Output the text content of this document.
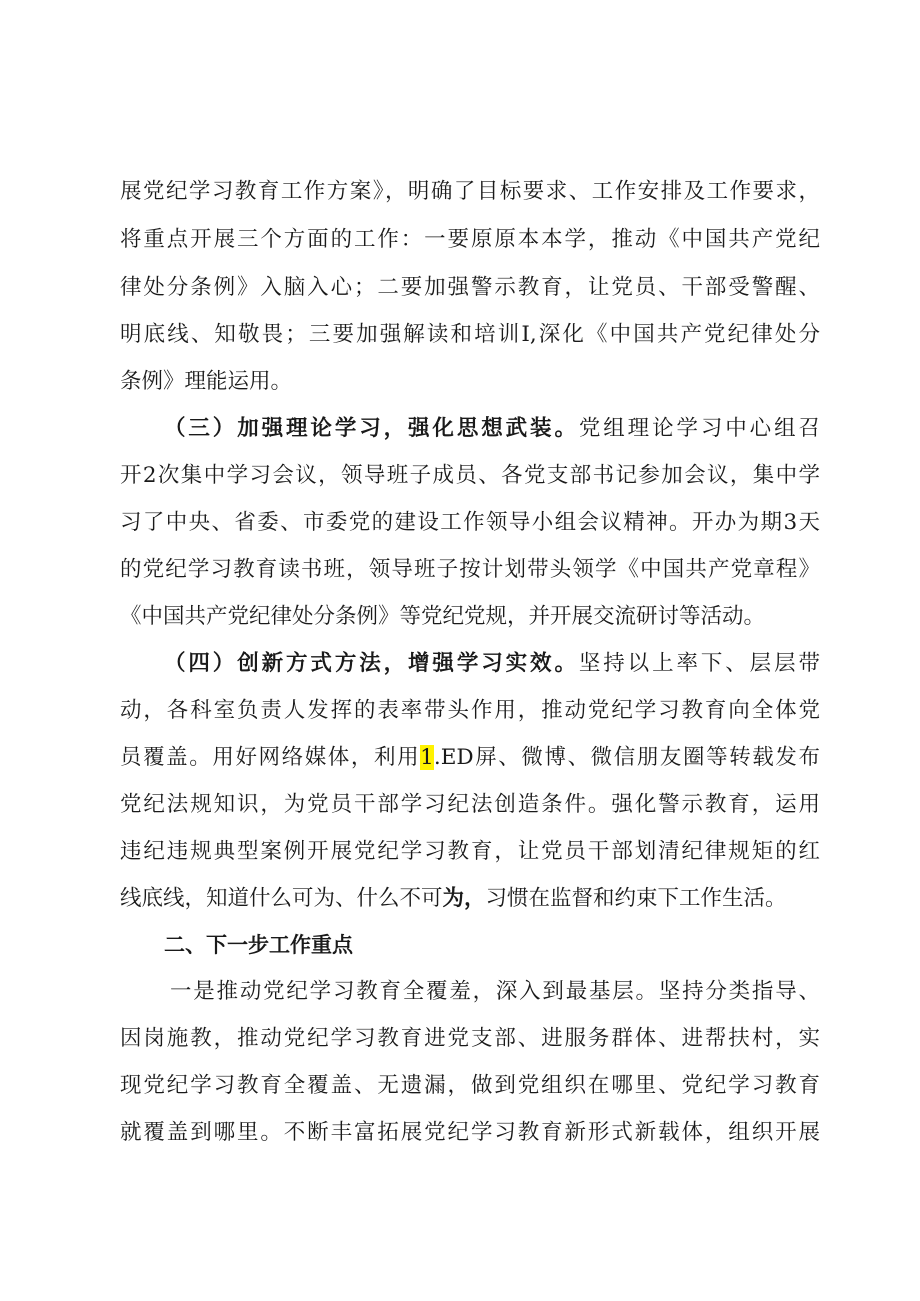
展党纪学习教育工作方案》，明确了目标要求、工作安排及工作要求，
将重点开展三个方面的工作：一要原原本本学，推动《中国共产党纪
律处分条例》入脑入心；二要加强警示教育，让党员、干部受警醒、
明底线、知敬畏；三要加强解读和培训I,深化《中国共产党纪律处分
条例》理能运用。
（三）加强理论学习，强化思想武装。党组理论学习中心组召
开2次集中学习会议，领导班子成员、各党支部书记参加会议，集中学
习了中央、省委、市委党的建设工作领导小组会议精神。开办为期3天
的党纪学习教育读书班，领导班子按计划带头领学《中国共产党章程》
《中国共产党纪律处分条例》等党纪党规，并开展交流研讨等活动。
（四）创新方式方法，增强学习实效。坚持以上率下、层层带
动，各科室负责人发挥的表率带头作用，推动党纪学习教育向全体党
员覆盖。用好网络媒体，利用1.ED屏、微博、微信朋友圈等转载发布
党纪法规知识，为党员干部学习纪法创造条件。强化警示教育，运用
违纪违规典型案例开展党纪学习教育，让党员干部划清纪律规矩的红
线底线，知道什么可为、什么不可为，习惯在监督和约束下工作生活。
二、下一步工作重点
一是推动党纪学习教育全覆羞，深入到最基层。坚持分类指导、
因岗施教，推动党纪学习教育进党支部、进服务群体、进帮扶村，实
现党纪学习教育全覆盖、无遗漏，做到党组织在哪里、党纪学习教育
就覆盖到哪里。不断丰富拓展党纪学习教育新形式新载体，组织开展
